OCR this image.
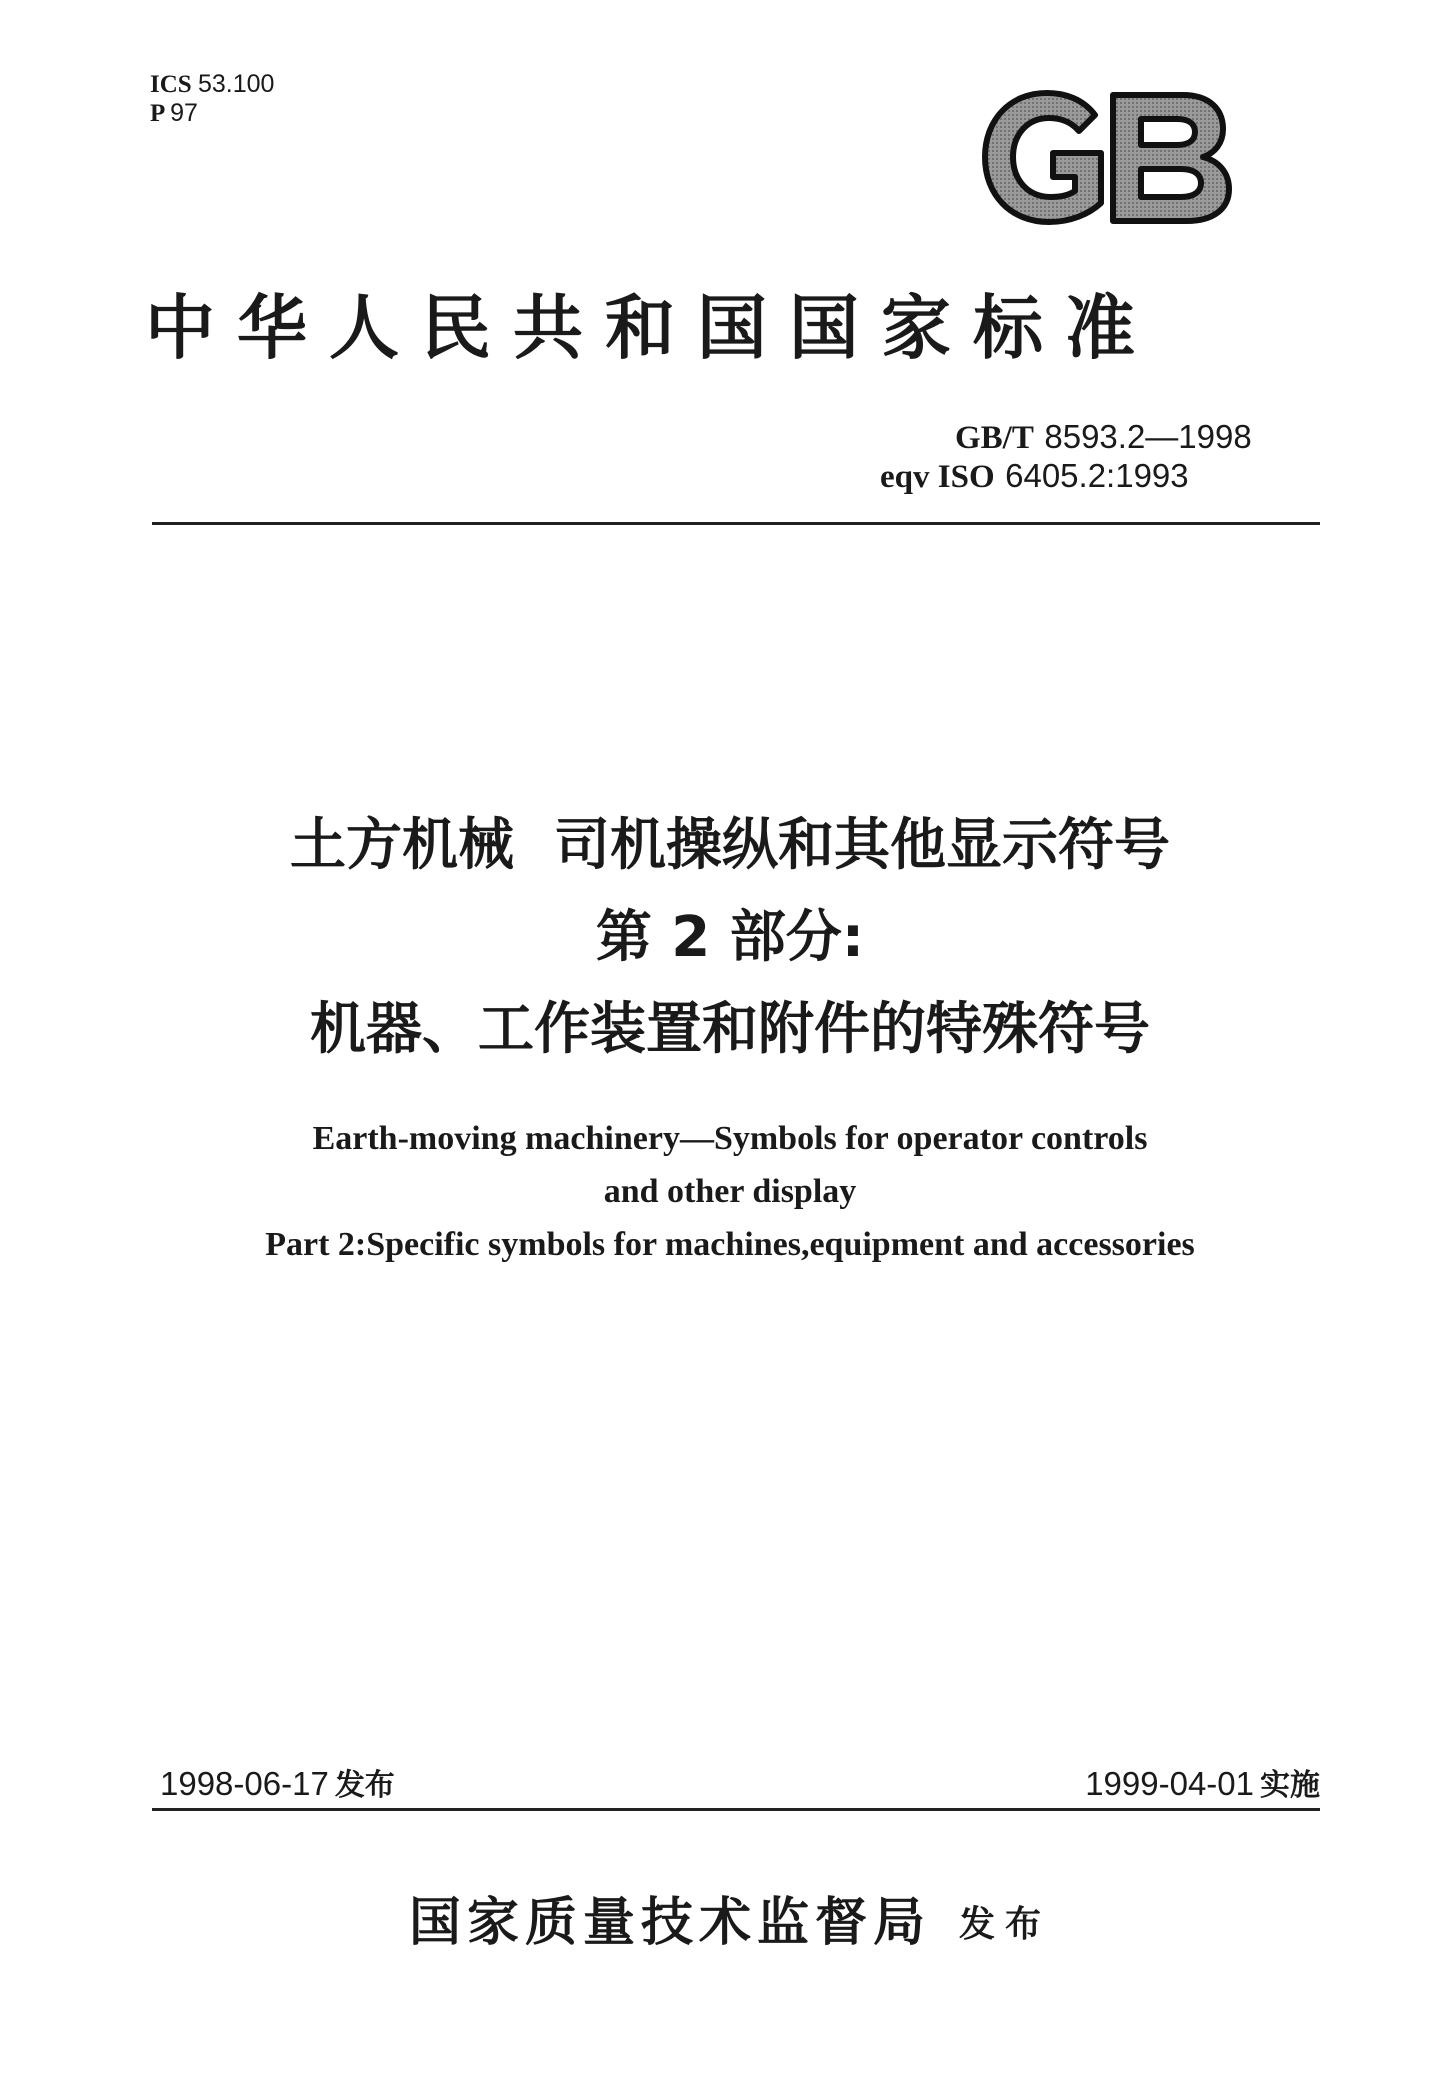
ICS 53.100
P 97
中华人民共和国国家标准
GB/T 8593.2—1998
eqv ISO 6405.2:1993
土方机械 司机操纵和其他显示符号
第 2 部分:
机器、工作装置和附件的特殊符号
Earth-moving machinery—Symbols for operator controls
and other display
Part 2:Specific symbols for machines,equipment and accessories
1998-06-17 发布	1999-04-01 实施
国家质量技术监督局 发布
